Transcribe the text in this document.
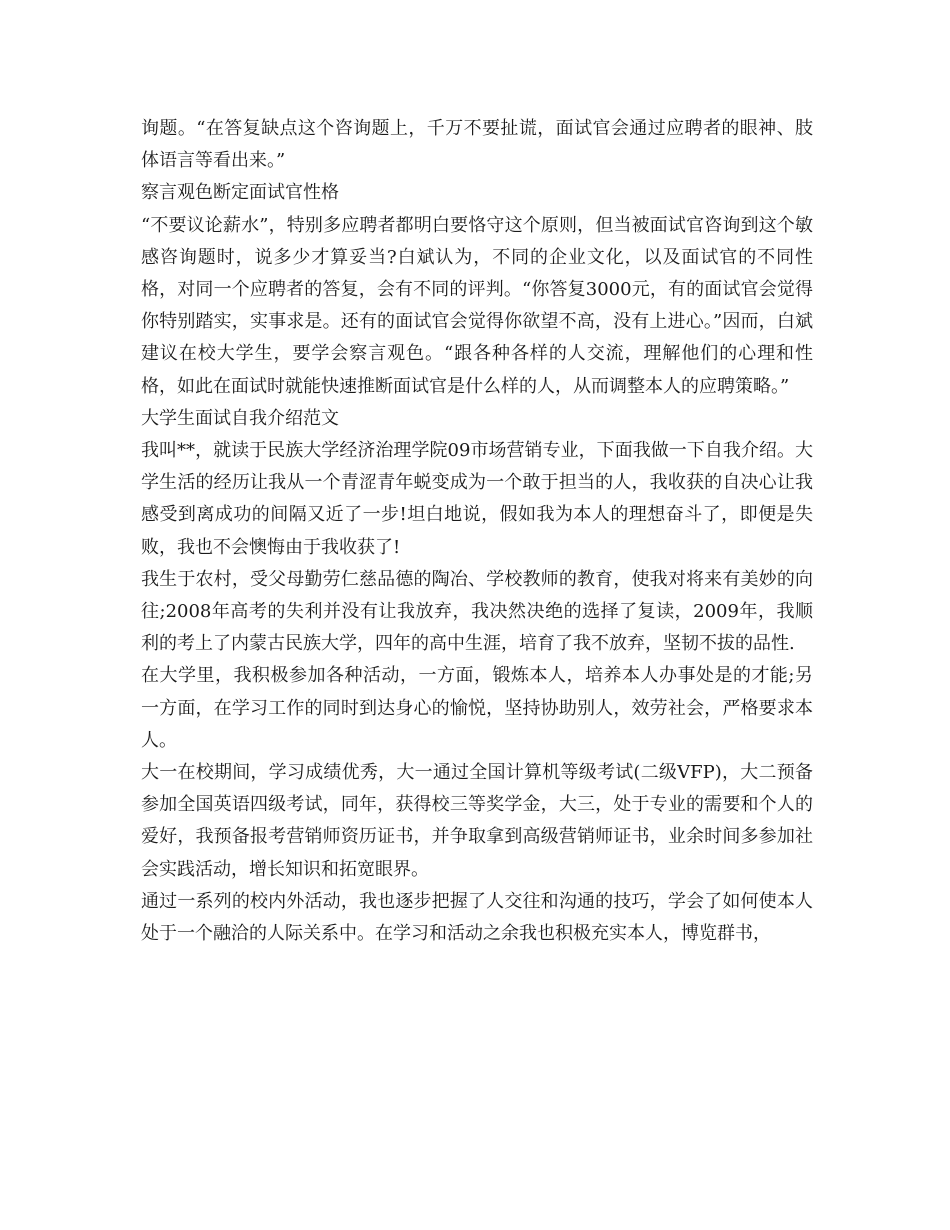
询题。“在答复缺点这个咨询题上，千万不要扯谎，面试官会通过应聘者的眼神、肢体语言等看出来。”

察言观色断定面试官性格

“不要议论薪水”，特别多应聘者都明白要恪守这个原则，但当被面试官咨询到这个敏感咨询题时，说多少才算妥当?白斌认为，不同的企业文化，以及面试官的不同性格，对同一个应聘者的答复，会有不同的评判。“你答复3000元，有的面试官会觉得你特别踏实，实事求是。还有的面试官会觉得你欲望不高，没有上进心。”因而，白斌建议在校大学生，要学会察言观色。“跟各种各样的人交流，理解他们的心理和性格，如此在面试时就能快速推断面试官是什么样的人，从而调整本人的应聘策略。”

大学生面试自我介绍范文

我叫**，就读于民族大学经济治理学院09市场营销专业，下面我做一下自我介绍。大学生活的经历让我从一个青涩青年蜕变成为一个敢于担当的人，我收获的自决心让我感受到离成功的间隔又近了一步!坦白地说，假如我为本人的理想奋斗了，即便是失败，我也不会懊悔由于我收获了!

我生于农村，受父母勤劳仁慈品德的陶冶、学校教师的教育，使我对将来有美妙的向往;2008年高考的失利并没有让我放弃，我决然决绝的选择了复读，2009年，我顺利的考上了内蒙古民族大学，四年的高中生涯，培育了我不放弃，坚韧不拔的品性.

在大学里，我积极参加各种活动，一方面，锻炼本人，培养本人办事处是的才能;另一方面，在学习工作的同时到达身心的愉悦，坚持协助别人，效劳社会，严格要求本人。

大一在校期间，学习成绩优秀，大一通过全国计算机等级考试(二级VFP)，大二预备参加全国英语四级考试，同年，获得校三等奖学金，大三，处于专业的需要和个人的爱好，我预备报考营销师资历证书，并争取拿到高级营销师证书，业余时间多参加社会实践活动，增长知识和拓宽眼界。

通过一系列的校内外活动，我也逐步把握了人交往和沟通的技巧，学会了如何使本人处于一个融洽的人际关系中。在学习和活动之余我也积极充实本人，博览群书，
